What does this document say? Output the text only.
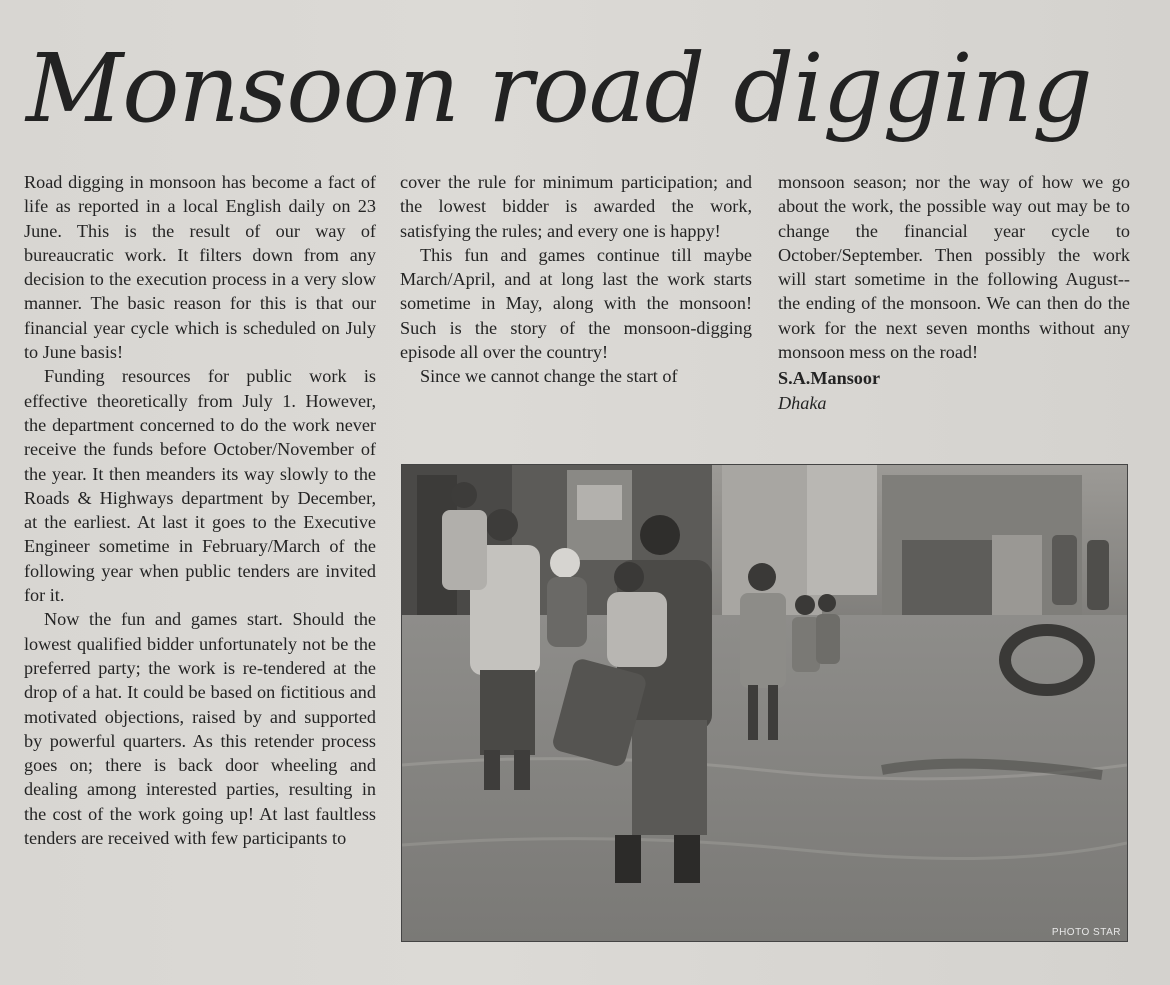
Monsoon road digging

Road digging in monsoon has become a fact of life as reported in a local English daily on 23 June. This is the result of our way of bureaucratic work. It filters down from any decision to the execution process in a very slow manner. The basic reason for this is that our financial year cycle which is scheduled on July to June basis!

Funding resources for public work is effective theoretically from July 1. However, the department concerned to do the work never receive the funds before October/November of the year. It then meanders its way slowly to the Roads & Highways department by December, at the earliest. At last it goes to the Executive Engineer sometime in February/March of the following year when public tenders are invited for it.

Now the fun and games start. Should the lowest qualified bidder unfortunately not be the preferred party; the work is re-tendered at the drop of a hat. It could be based on fictitious and motivated objections, raised by and supported by powerful quarters. As this retender process goes on; there is back door wheeling and dealing among interested parties, resulting in the cost of the work going up! At last faultless tenders are received with few participants to

cover the rule for minimum participation; and the lowest bidder is awarded the work, satisfying the rules; and every one is happy!

This fun and games continue till maybe March/April, and at long last the work starts sometime in May, along with the monsoon! Such is the story of the monsoon-digging episode all over the country!

Since we cannot change the start of

monsoon season; nor the way of how we go about the work, the possible way out may be to change the financial year cycle to October/September. Then possibly the work will start sometime in the following August-- the ending of the monsoon. We can then do the work for the next seven months without any monsoon mess on the road!

S.A.Mansoor

Dhaka

PHOTO STAR
